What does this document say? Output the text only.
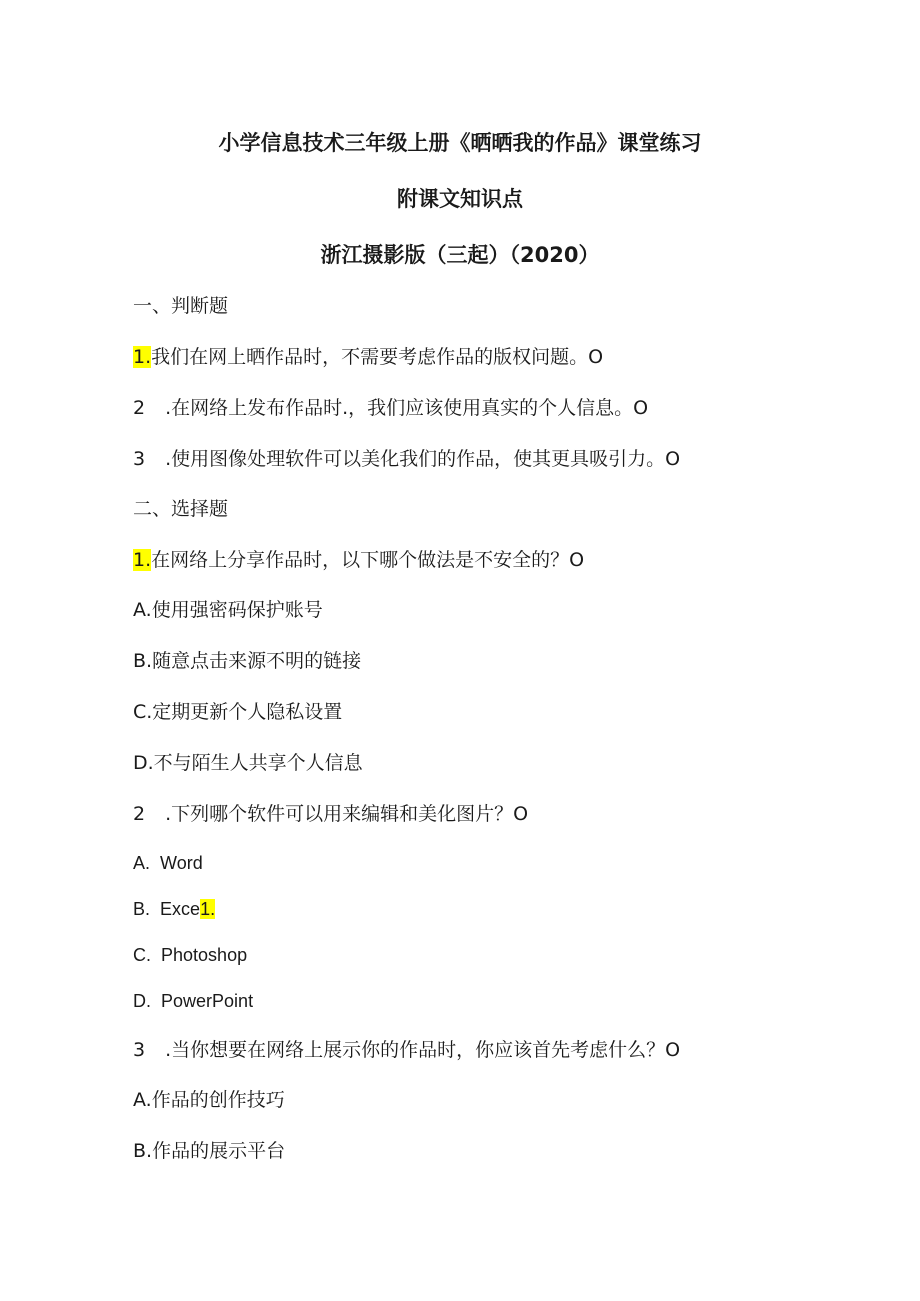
小学信息技术三年级上册《晒晒我的作品》课堂练习
附课文知识点
浙江摄影版（三起）（2020）
一、判断题
1.我们在网上晒作品时，不需要考虑作品的版权问题。O
2 .在网络上发布作品时.，我们应该使用真实的个人信息。O
3 .使用图像处理软件可以美化我们的作品，使其更具吸引力。O
二、选择题
1.在网络上分享作品时，以下哪个做法是不安全的？O
A.使用强密码保护账号
B.随意点击来源不明的链接
C.定期更新个人隐私设置
D.不与陌生人共享个人信息
2 .下列哪个软件可以用来编辑和美化图片？O
A. Word
B. Exce1.
C. Photoshop
D. PowerPoint
3 .当你想要在网络上展示你的作品时，你应该首先考虑什么？O
A.作品的创作技巧
B.作品的展示平台
